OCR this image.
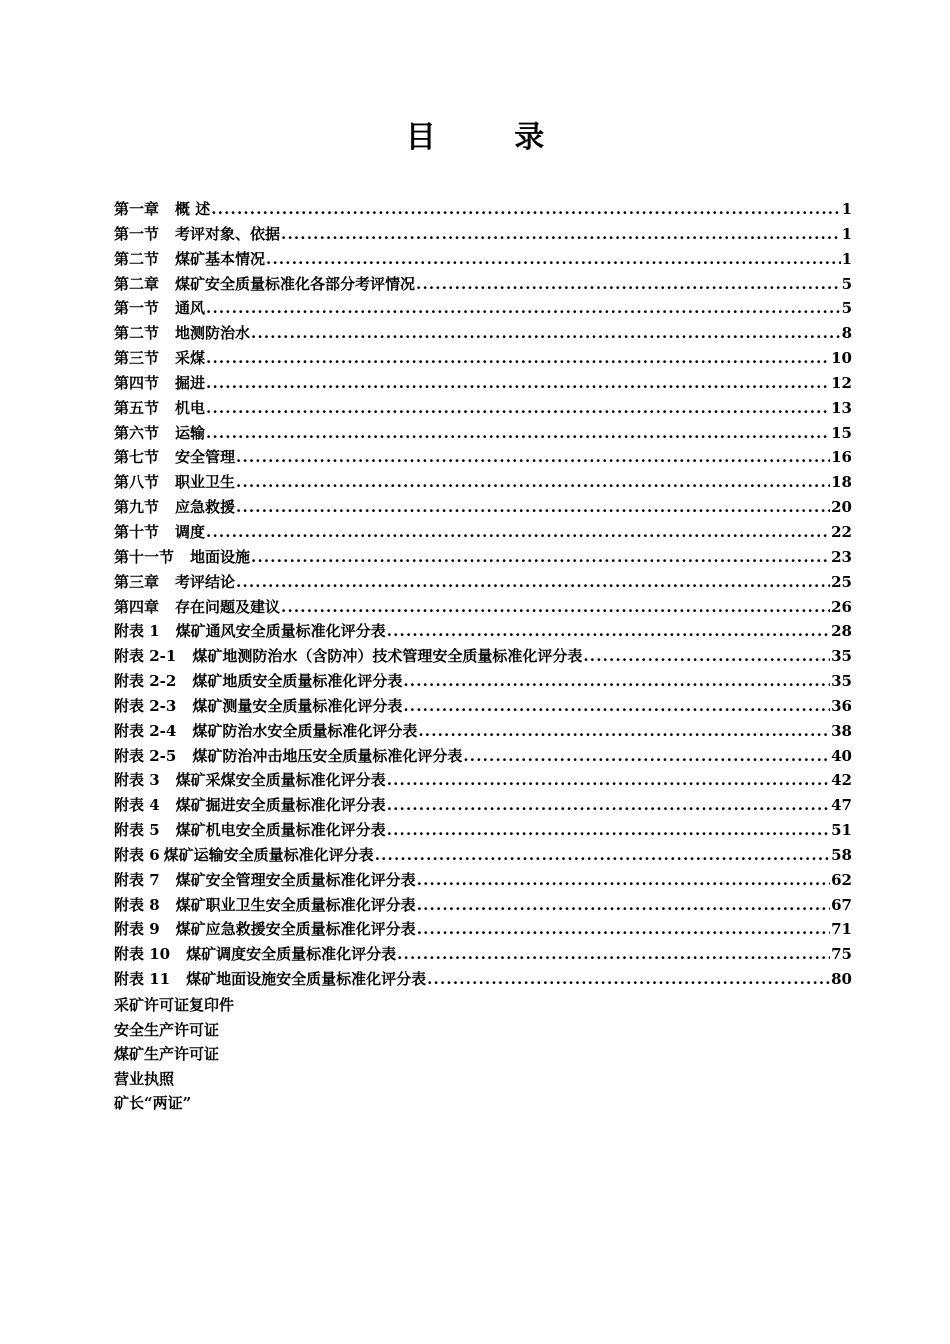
目 录
第一章 概 述 .....	1
第一节 考评对象、依据 .....	1
第二节 煤矿基本情况 .....	1
第二章 煤矿安全质量标准化各部分考评情况 .....	5
第一节 通风 .....	5
第二节 地测防治水 .....	8
第三节 采煤 .....	10
第四节 掘进 .....	12
第五节 机电 .....	13
第六节 运输 .....	15
第七节 安全管理 .....	16
第八节 职业卫生 .....	18
第九节 应急救援 .....	20
第十节 调度 .....	22
第十一节 地面设施 .....	23
第三章 考评结论 .....	25
第四章 存在问题及建议 .....	26
附表 1 煤矿通风安全质量标准化评分表 .....	28
附表 2-1 煤矿地测防治水（含防冲）技术管理安全质量标准化评分表 .....	35
附表 2-2 煤矿地质安全质量标准化评分表 .....	35
附表 2-3 煤矿测量安全质量标准化评分表 .....	36
附表 2-4 煤矿防治水安全质量标准化评分表 .....	38
附表 2-5 煤矿防治冲击地压安全质量标准化评分表 .....	40
附表 3 煤矿采煤安全质量标准化评分表 .....	42
附表 4 煤矿掘进安全质量标准化评分表 .....	47
附表 5 煤矿机电安全质量标准化评分表 .....	51
附表 6 煤矿运输安全质量标准化评分表 .....	58
附表 7 煤矿安全管理安全质量标准化评分表 .....	62
附表 8 煤矿职业卫生安全质量标准化评分表 .....	67
附表 9 煤矿应急救援安全质量标准化评分表 .....	71
附表 10 煤矿调度安全质量标准化评分表 .....	75
附表 11 煤矿地面设施安全质量标准化评分表 .....	80
采矿许可证复印件
安全生产许可证
煤矿生产许可证
营业执照
矿长“两证”
